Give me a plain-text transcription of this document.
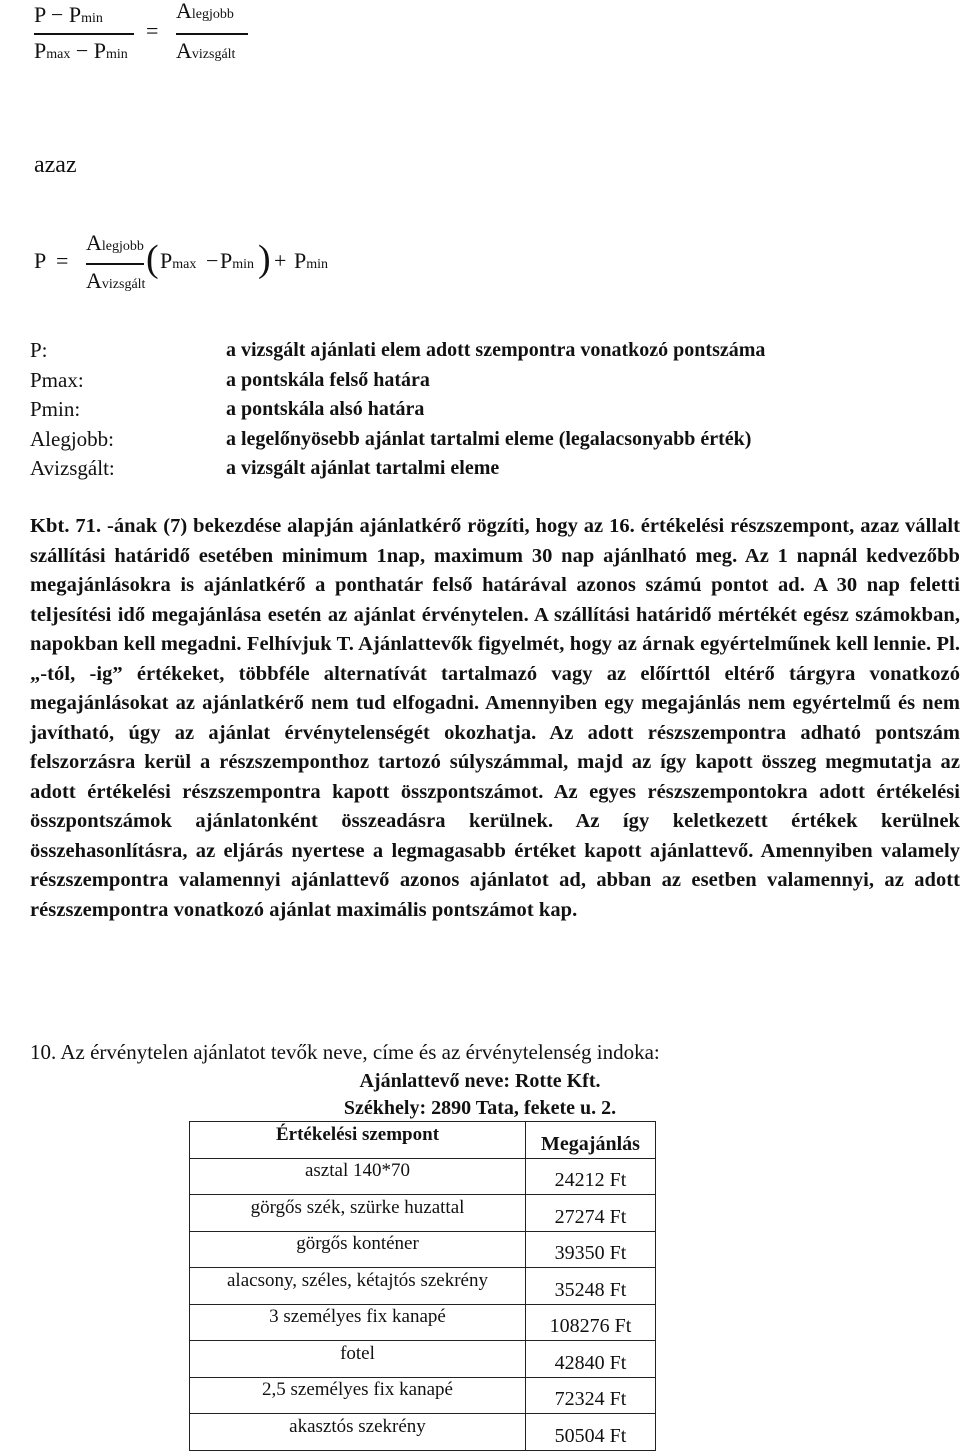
P − Pmin =
Alegjobb
Pmax − Pmin Avizsgált
azaz
P =
Alegjobb
Avizsgált
( Pmax − Pmin ) + Pmin
P:	a vizsgált ajánlati elem adott szempontra vonatkozó pontszáma
Pmax:	a pontskála felső határa
Pmin:	a pontskála alsó határa
Alegjobb:	a legelőnyösebb ajánlat tartalmi eleme (legalacsonyabb érték)
Avizsgált:	a vizsgált ajánlat tartalmi eleme
Kbt. 71. -ának (7) bekezdése alapján ajánlatkérő rögzíti, hogy az 16. értékelési részszempont, azaz vállalt szállítási határidő esetében minimum 1nap, maximum 30 nap ajánlható meg. Az 1 napnál kedvezőbb megajánlásokra is ajánlatkérő a ponthatár felső határával azonos számú pontot ad. A 30 nap feletti teljesítési idő megajánlása esetén az ajánlat érvénytelen. A szállítási határidő mértékét egész számokban, napokban kell megadni. Felhívjuk T. Ajánlattevők figyelmét, hogy az árnak egyértelműnek kell lennie. Pl. „-tól, -ig” értékeket, többféle alternatívát tartalmazó vagy az előírttól eltérő tárgyra vonatkozó megajánlásokat az ajánlatkérő nem tud elfogadni. Amennyiben egy megajánlás nem egyértelmű és nem javítható, úgy az ajánlat érvénytelenségét okozhatja. Az adott részszempontra adható pontszám felszorzásra kerül a részszemponthoz tartozó súlyszámmal, majd az így kapott összeg megmutatja az adott értékelési részszempontra kapott összpontszámot. Az egyes részszempontokra adott értékelési összpontszámok ajánlatonként összeadásra kerülnek. Az így keletkezett értékek kerülnek összehasonlításra, az eljárás nyertese a legmagasabb értéket kapott ajánlattevő. Amennyiben valamely részszempontra valamennyi ajánlattevő azonos ajánlatot ad, abban az esetben valamennyi, az adott részszempontra vonatkozó ajánlat maximális pontszámot kap.
10. Az érvénytelen ajánlatot tevők neve, címe és az érvénytelenség indoka:
Ajánlattevő neve: Rotte Kft.
Székhely: 2890 Tata, fekete u. 2.
Értékelési szempont	Megajánlás
asztal 140*70	24212 Ft
görgős szék, szürke huzattal	27274 Ft
görgős konténer	39350 Ft
alacsony, széles, kétajtós szekrény	35248 Ft
3 személyes fix kanapé	108276 Ft
fotel	42840 Ft
2,5 személyes fix kanapé	72324 Ft
akasztós szekrény	50504 Ft
